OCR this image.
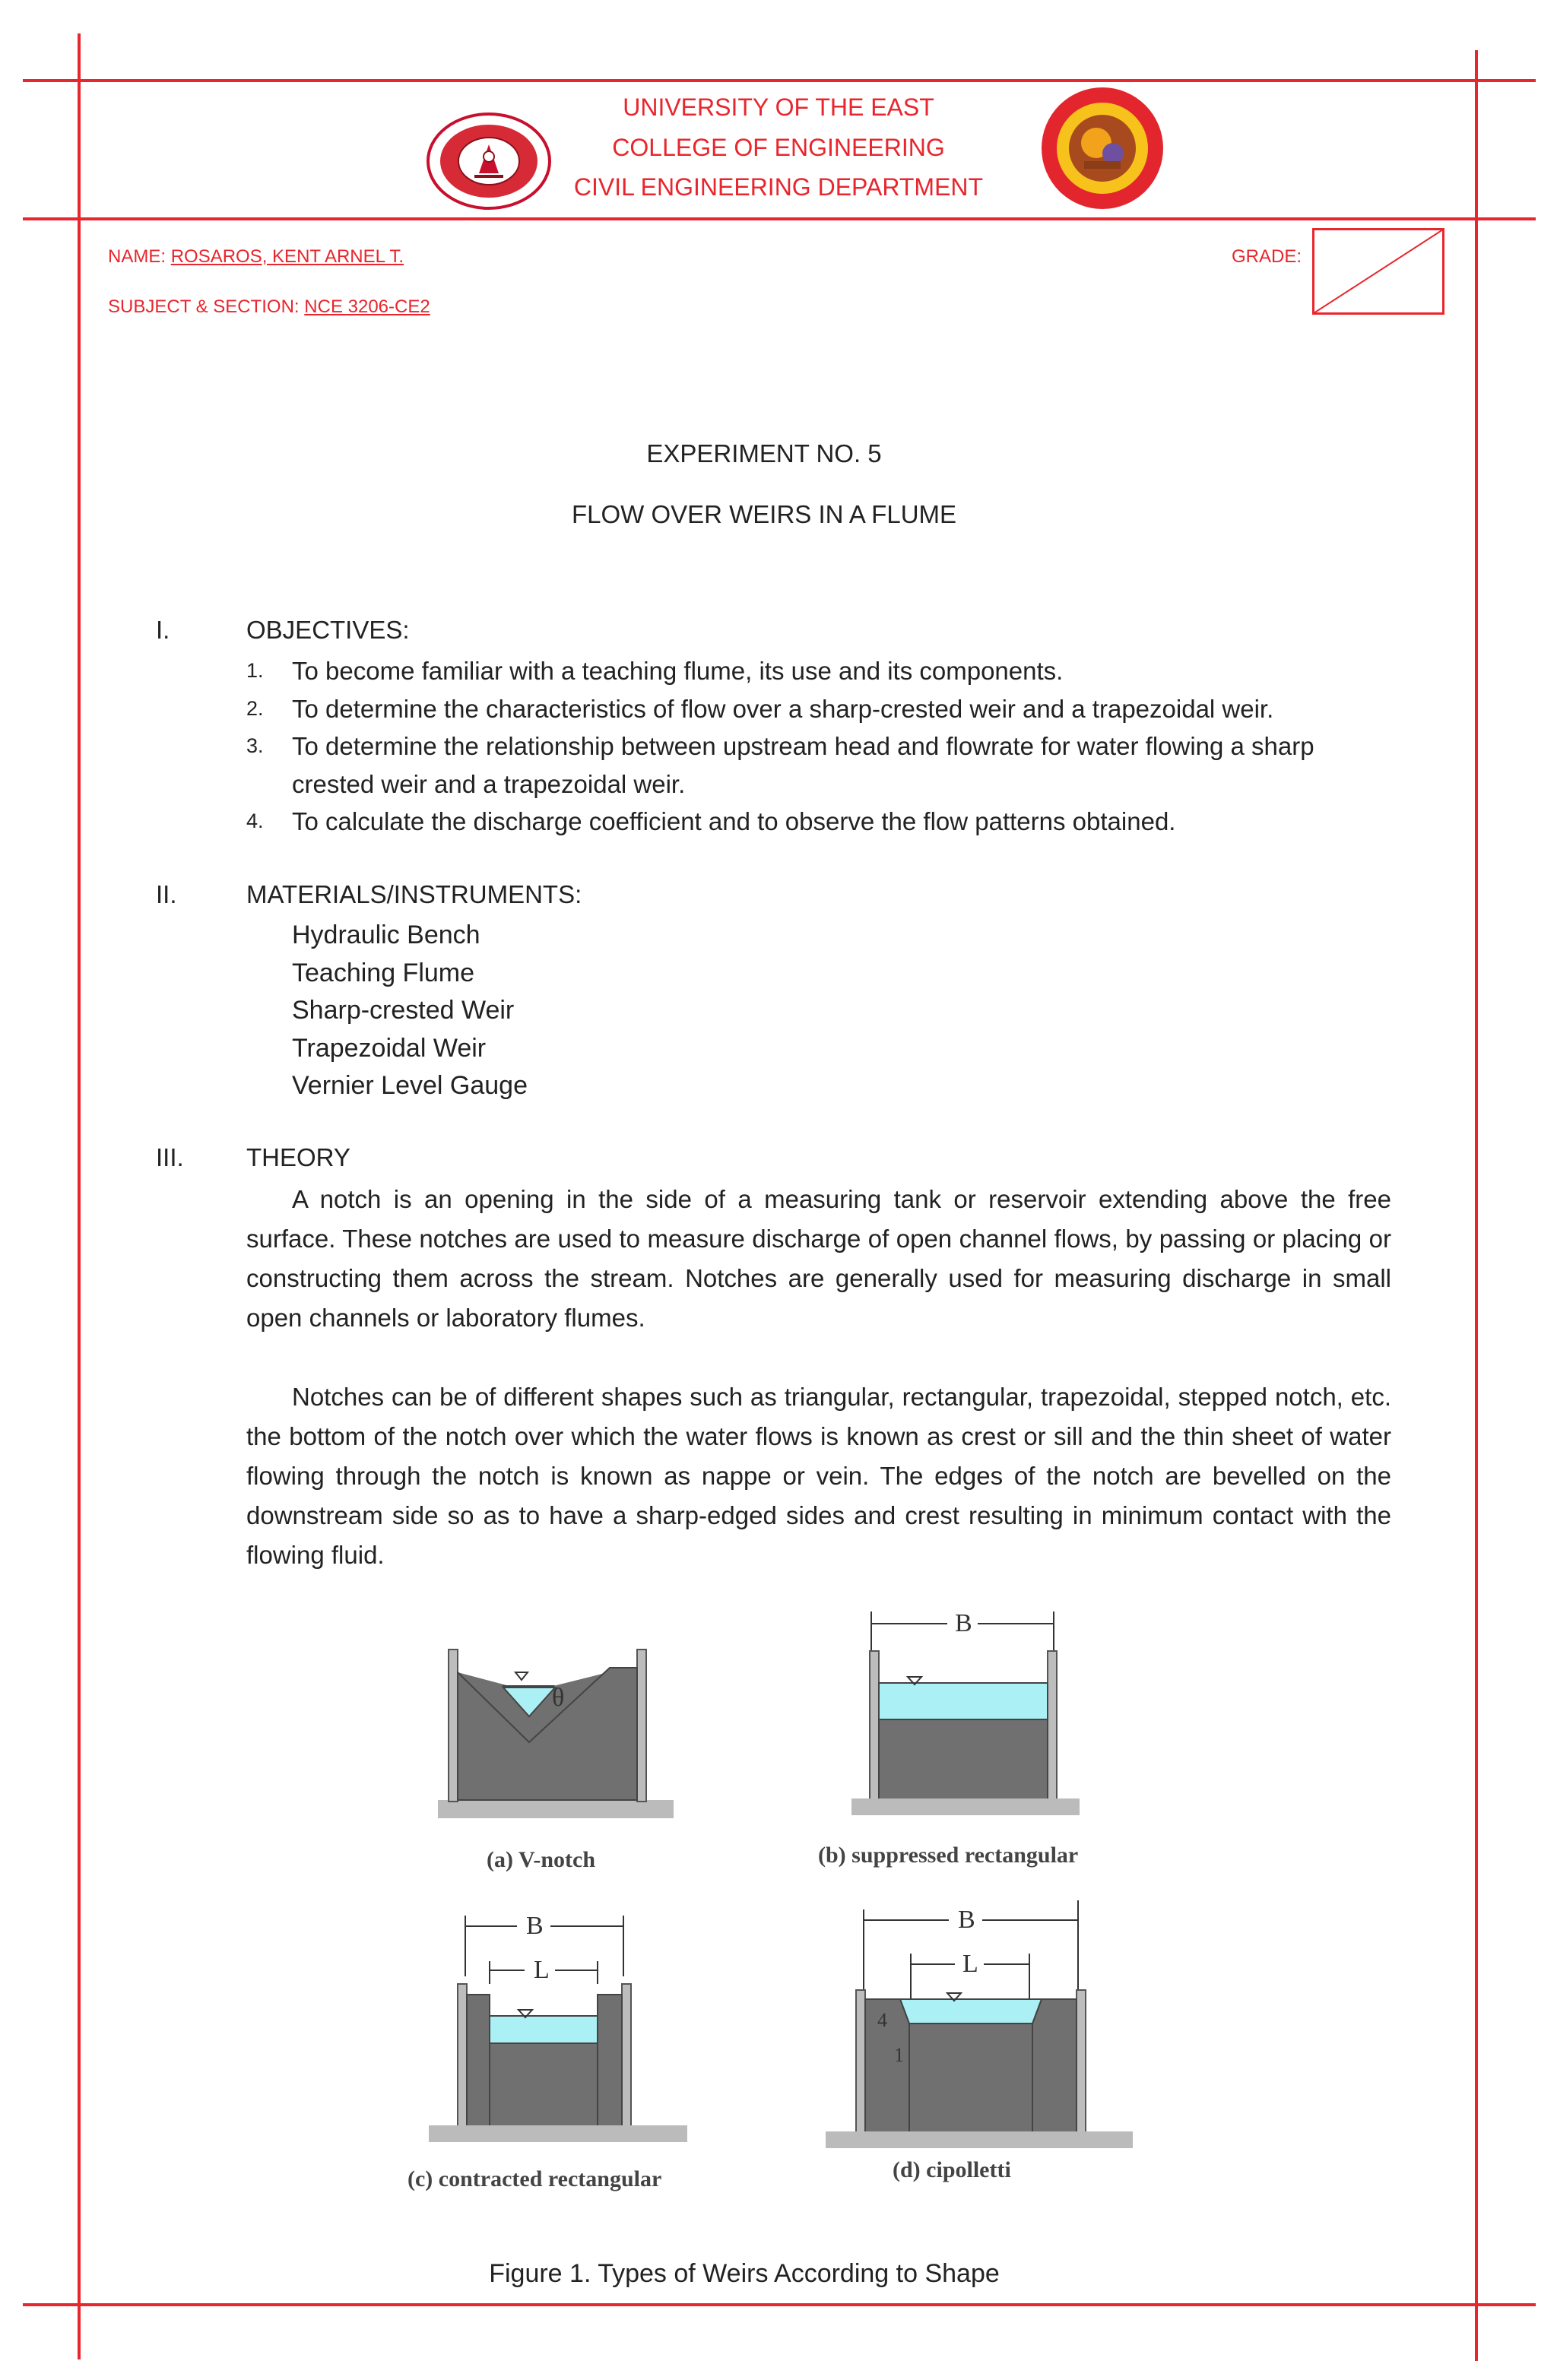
UNIVERSITY OF THE EAST
COLLEGE OF ENGINEERING
CIVIL ENGINEERING DEPARTMENT
NAME: ROSAROS, KENT ARNEL T.
SUBJECT & SECTION: NCE 3206-CE2
GRADE:
EXPERIMENT NO. 5
FLOW OVER WEIRS IN A FLUME
I.	OBJECTIVES:
1. To become familiar with a teaching flume, its use and its components.
2. To determine the characteristics of flow over a sharp-crested weir and a trapezoidal weir.
3. To determine the relationship between upstream head and flowrate for water flowing a sharp crested weir and a trapezoidal weir.
4. To calculate the discharge coefficient and to observe the flow patterns obtained.
II.	MATERIALS/INSTRUMENTS:
Hydraulic Bench
Teaching Flume
Sharp-crested Weir
Trapezoidal Weir
Vernier Level Gauge
III. THEORY
A notch is an opening in the side of a measuring tank or reservoir extending above the free surface. These notches are used to measure discharge of open channel flows, by passing or placing or constructing them across the stream. Notches are generally used for measuring discharge in small open channels or laboratory flumes.
Notches can be of different shapes such as triangular, rectangular, trapezoidal, stepped notch, etc. the bottom of the notch over which the water flows is known as crest or sill and the thin sheet of water flowing through the notch is known as nappe or vein. The edges of the notch are bevelled on the downstream side so as to have a sharp-edged sides and crest resulting in minimum contact with the flowing fluid.
θ
(a) V-notch
B
(b) suppressed rectangular
B
L
(c) contracted rectangular
B
L
4
1
(d) cipolletti
Figure 1. Types of Weirs According to Shape
